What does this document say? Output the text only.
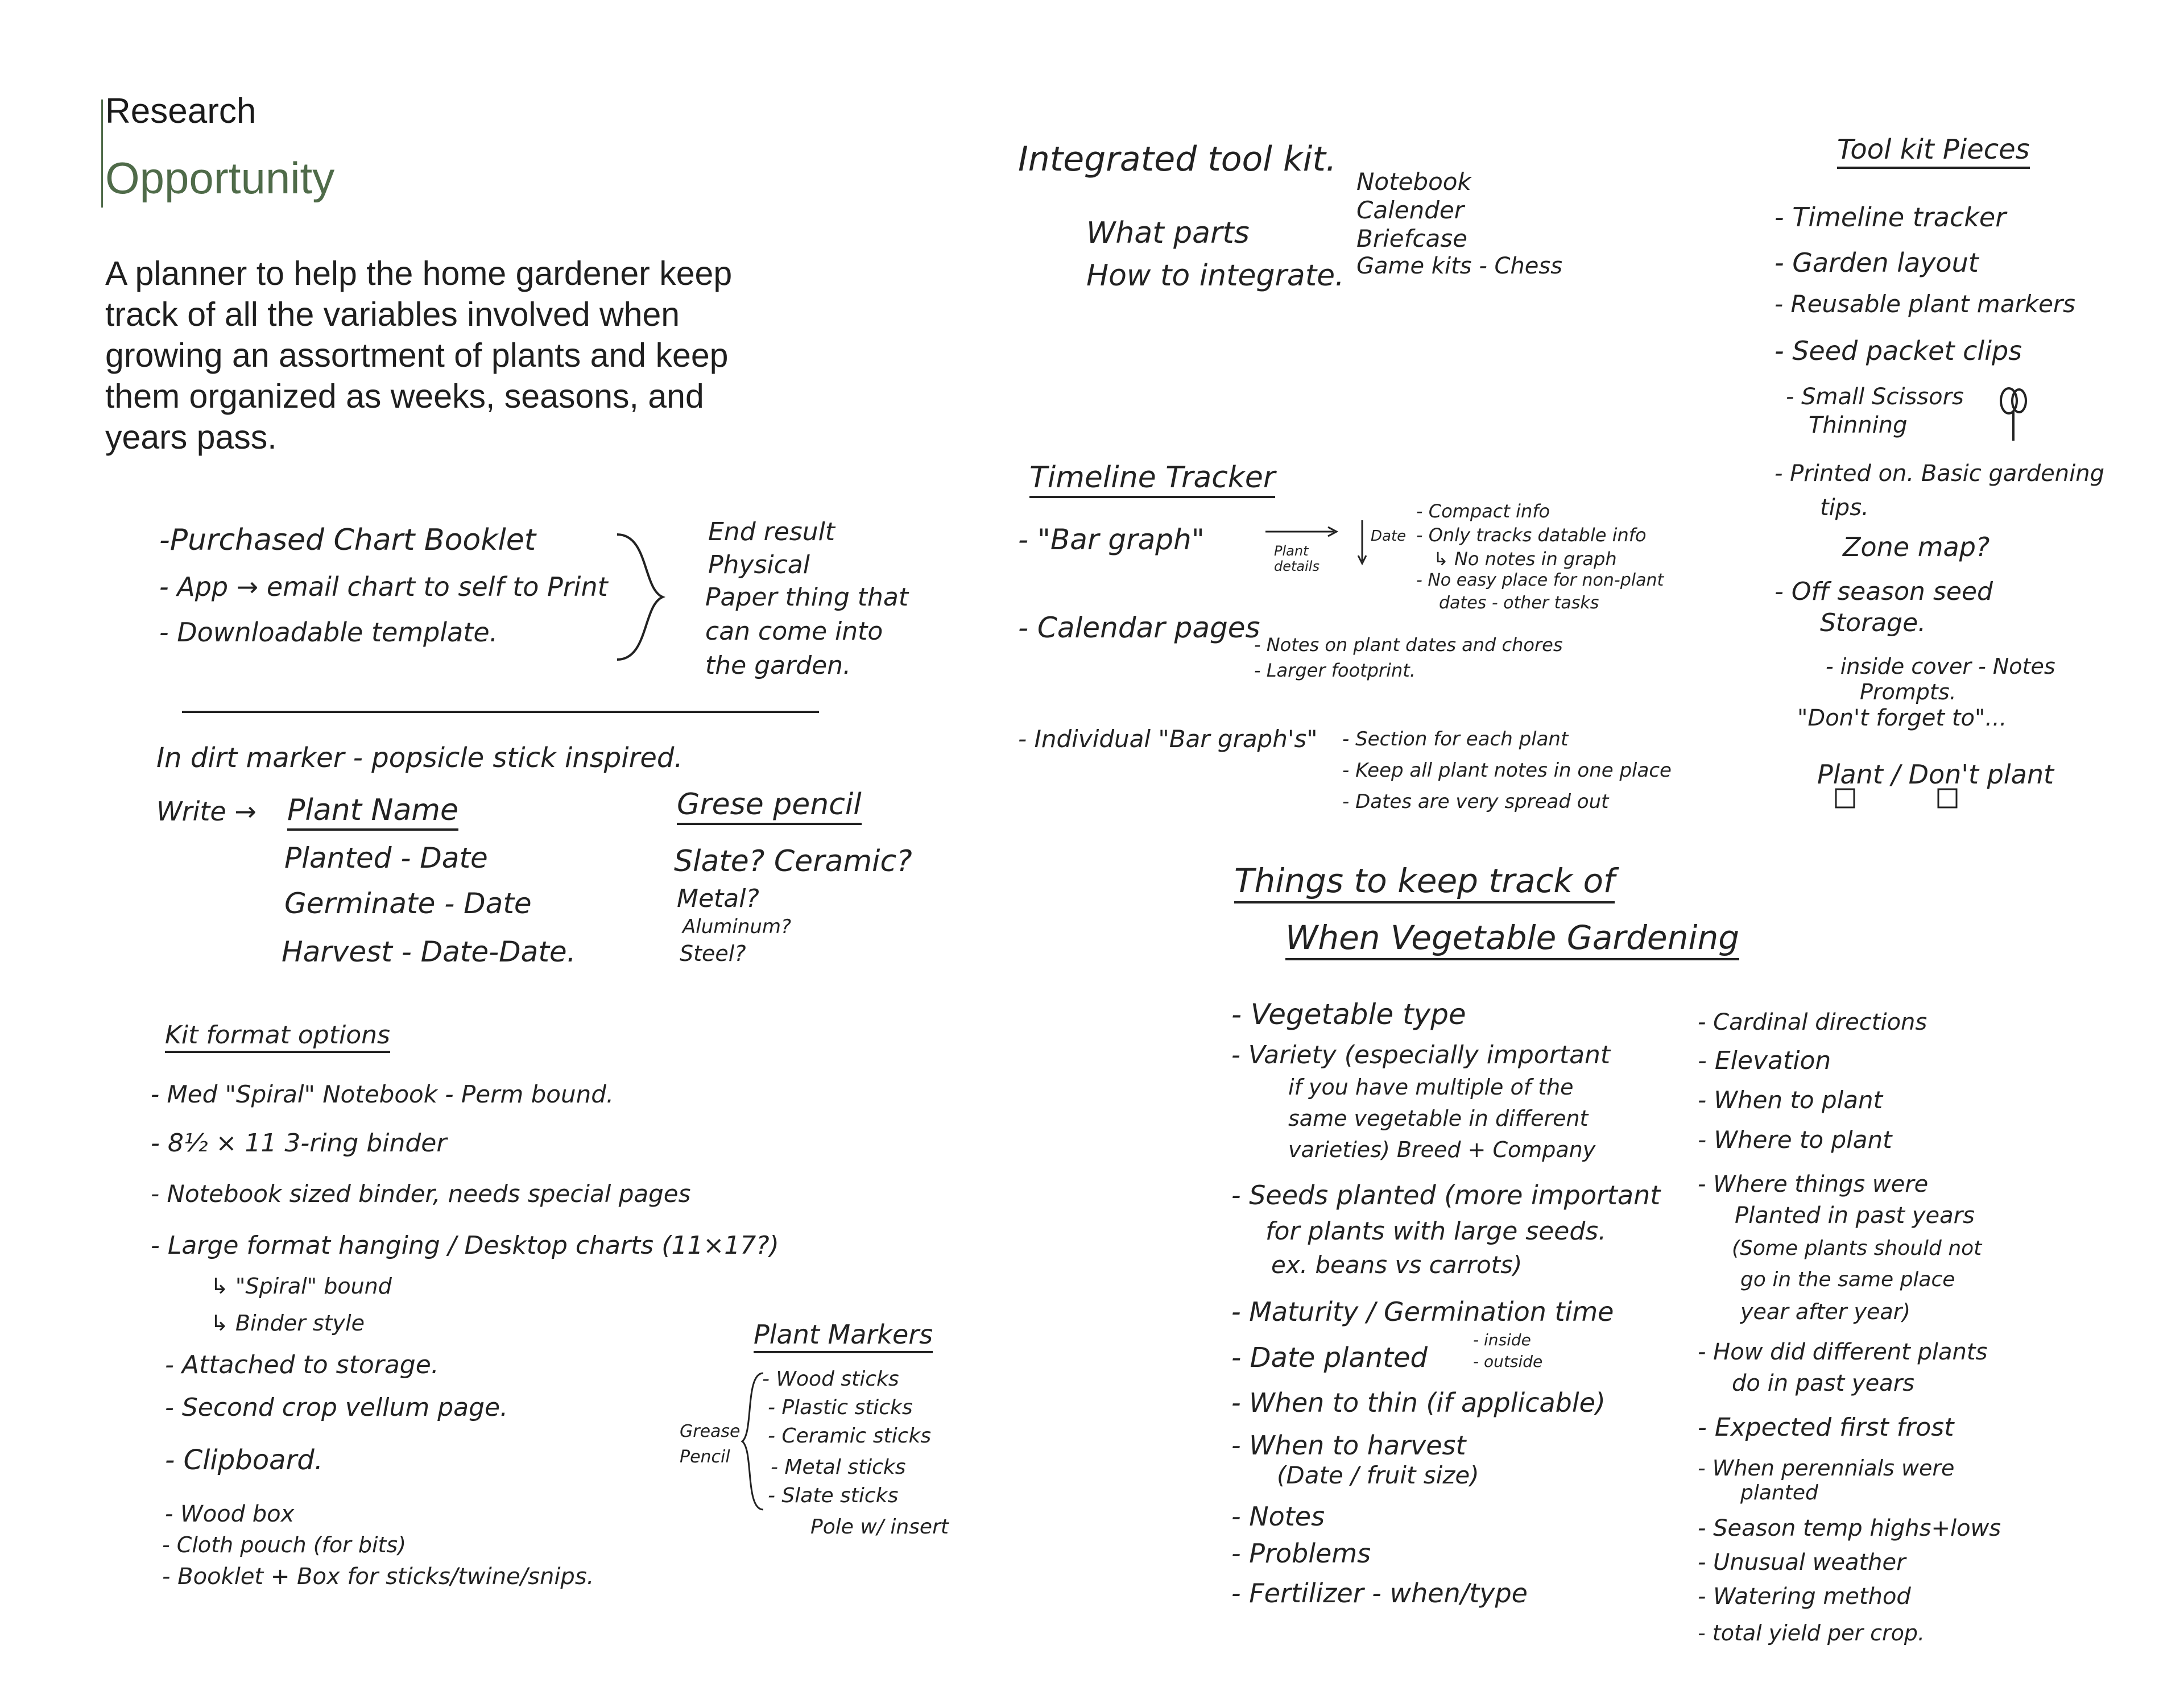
Research
Opportunity
A planner to help the home gardener keep track of all the variables involved when growing an assortment of plants and keep them organized as weeks, seasons, and years pass.
-Purchased Chart Booklet
- App → email chart to self to Print
- Downloadable template.
End result
Physical
Paper thing that
can come into
the garden.
In dirt marker - popsicle stick inspired.
Write → Plant Name
Planted - Date
Germinate - Date
Harvest - Date-Date.
Grese pencil
Slate? Ceramic?
Metal?
Aluminum?
Steel?
Kit format options
- Med "Spiral" Notebook - Perm bound.
- 8½ × 11 3-ring binder
- Notebook sized binder, needs special pages
- Large format hanging / Desktop charts (11×17?)
↳ "Spiral" bound
↳ Binder style
- Attached to storage.
- Second crop vellum page.
- Clipboard.
- Wood box
- Cloth pouch (for bits)
- Booklet + Box for sticks/twine/snips.
Plant Markers
Grease
Pencil
- Wood sticks
- Plastic sticks
- Ceramic sticks
- Metal sticks
- Slate sticks
Pole w/ insert
Integrated tool kit.
What parts
How to integrate.
Notebook
Calender
Briefcase
Game kits - Chess
Timeline Tracker
- "Bar graph"	Plant
details
Date
- Compact info
- Only tracks datable info
↳ No notes in graph
- No easy place for non-plant
dates - other tasks
- Calendar pages
- Notes on plant dates and chores
- Larger footprint.
- Individual "Bar graph's" - Section for each plant
- Keep all plant notes in one place
- Dates are very spread out
Tool kit Pieces
- Timeline tracker
- Garden layout
- Reusable plant markers
- Seed packet clips
- Small Scissors
Thinning
- Printed on. Basic gardening
tips.
Zone map?
- Off season seed
Storage.
- inside cover - Notes
Prompts.
"Don't forget to"...
Plant / Don't plant
Things to keep track of
When Vegetable Gardening
- Vegetable type
- Variety (especially important
if you have multiple of the
same vegetable in different
varieties) Breed + Company
- Seeds planted (more important
for plants with large seeds.
ex. beans vs carrots)
- Maturity / Germination time
- Date planted
- inside
- outside
- When to thin (if applicable)
- When to harvest
(Date / fruit size)
- Notes
- Problems
- Fertilizer - when/type
- Cardinal directions
- Elevation
- When to plant
- Where to plant
- Where things were
Planted in past years
(Some plants should not
go in the same place
year after year)
- How did different plants
do in past years
- Expected first frost
- When perennials were
planted
- Season temp highs+lows
- Unusual weather
- Watering method
- total yield per crop.
